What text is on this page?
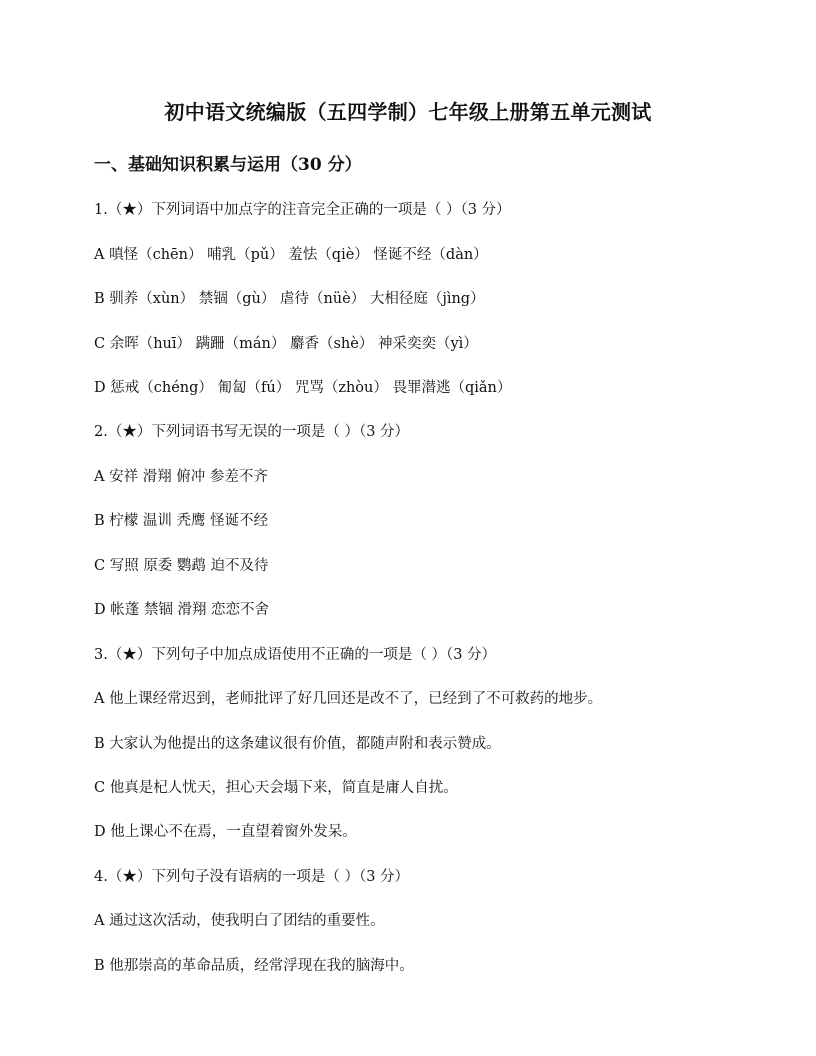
初中语文统编版（五四学制）七年级上册第五单元测试
一、基础知识积累与运用（30 分）
1.（★）下列词语中加点字的注音完全正确的一项是（ ）（3 分）
A 嗔怪（chēn） 哺乳（pǔ） 羞怯（qiè） 怪诞不经（dàn）
B 驯养（xùn） 禁锢（gù） 虐待（nüè） 大相径庭（jìng）
C 余晖（huī） 蹒跚（mán） 麝香（shè） 神采奕奕（yì）
D 惩戒（chéng） 匍匐（fú） 咒骂（zhòu） 畏罪潜逃（qiǎn）
2.（★）下列词语书写无误的一项是（ ）（3 分）
A 安祥 滑翔 俯冲 参差不齐
B 柠檬 温训 秃鹰 怪诞不经
C 写照 原委 鹦鹉 迫不及待
D 帐蓬 禁锢 滑翔 恋恋不舍
3.（★）下列句子中加点成语使用不正确的一项是（ ）（3 分）
A 他上课经常迟到，老师批评了好几回还是改不了，已经到了不可救药的地步。
B 大家认为他提出的这条建议很有价值，都随声附和表示赞成。
C 他真是杞人忧天，担心天会塌下来，简直是庸人自扰。
D 他上课心不在焉，一直望着窗外发呆。
4.（★）下列句子没有语病的一项是（ ）（3 分）
A 通过这次活动，使我明白了团结的重要性。
B 他那崇高的革命品质，经常浮现在我的脑海中。
